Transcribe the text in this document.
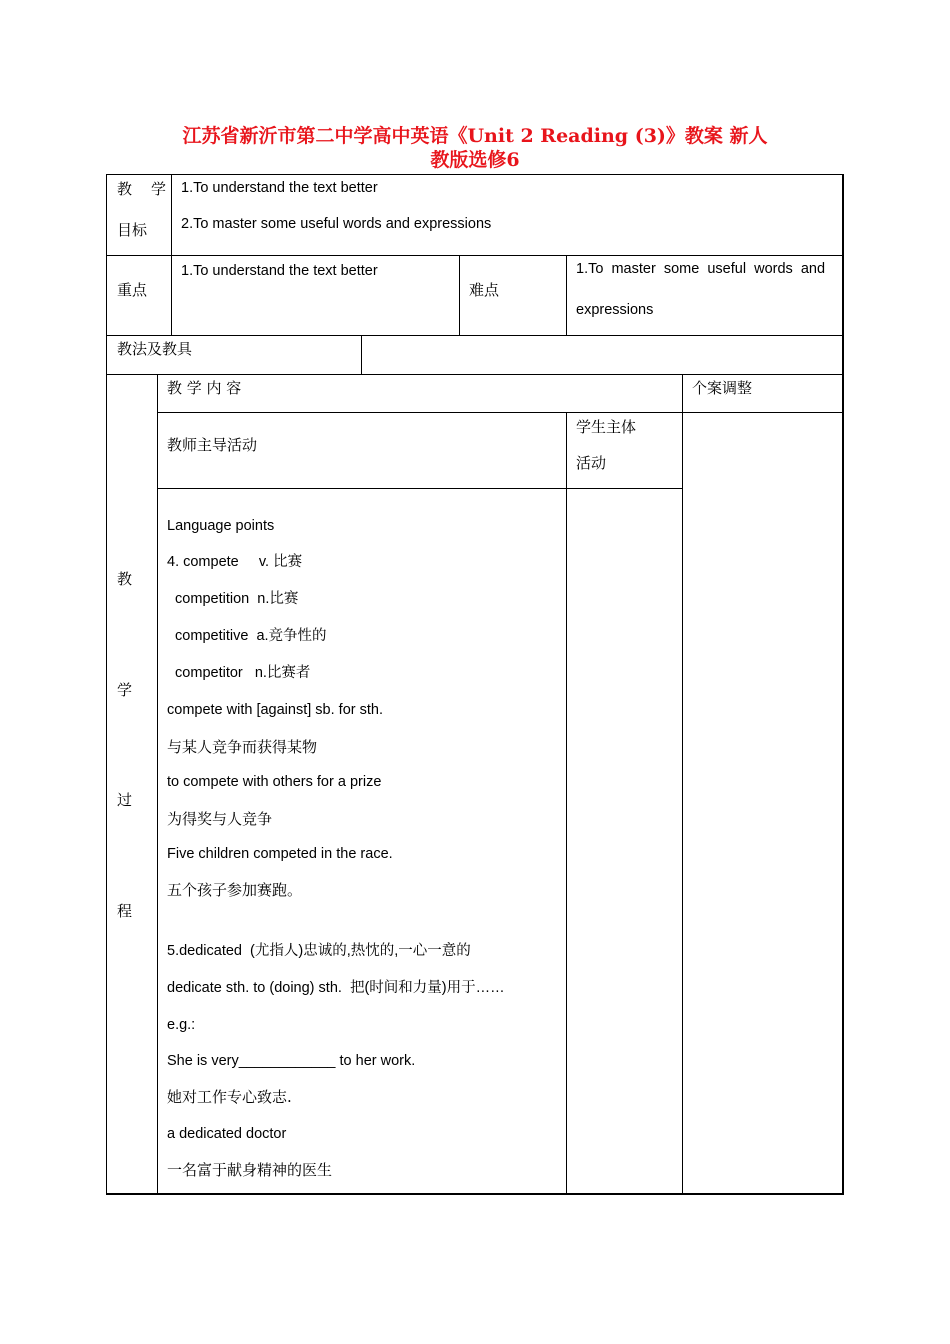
江苏省新沂市第二中学高中英语《Unit 2 Reading (3)》教案 新人
教版选修6
教　学
目标
1.To understand the text better
2.To master some useful words and expressions
重点
1.To understand the text better
难点
1.To  master  some  useful  words  and
expressions
教法及教具
教
学
过
程
教 学 内 容	个案调整
教师主导活动
学生主体
活动
Language points
4. compete     v. 比赛
competition  n.比赛
competitive  a.竞争性的
competitor   n.比赛者
compete with [against] sb. for sth.
与某人竞争而获得某物
to compete with others for a prize
为得奖与人竞争
Five children competed in the race.
五个孩子参加赛跑。
5.dedicated  (尤指人)忠诚的,热忱的,一心一意的
dedicate sth. to (doing) sth.  把(时间和力量)用于……
e.g.:
She is very____________ to her work.
她对工作专心致志.
a dedicated doctor
一名富于献身精神的医生
